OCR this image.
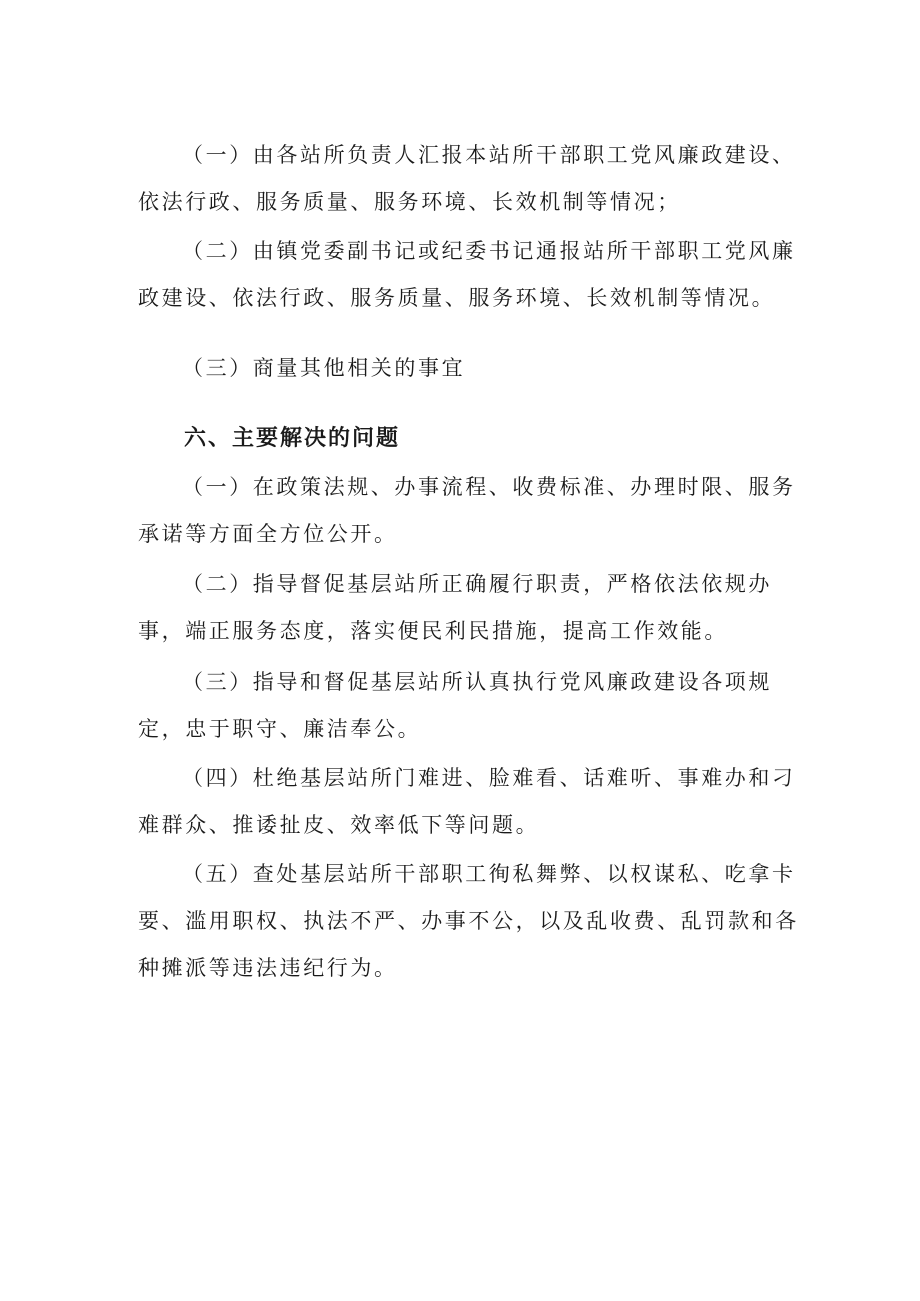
（一）由各站所负责人汇报本站所干部职工党风廉政建设、依法行政、服务质量、服务环境、长效机制等情况；

（二）由镇党委副书记或纪委书记通报站所干部职工党风廉政建设、依法行政、服务质量、服务环境、长效机制等情况。

（三）商量其他相关的事宜

六、主要解决的问题

（一）在政策法规、办事流程、收费标准、办理时限、服务承诺等方面全方位公开。

（二）指导督促基层站所正确履行职责，严格依法依规办事，端正服务态度，落实便民利民措施，提高工作效能。

（三）指导和督促基层站所认真执行党风廉政建设各项规定，忠于职守、廉洁奉公。

（四）杜绝基层站所门难进、脸难看、话难听、事难办和刁难群众、推诿扯皮、效率低下等问题。

（五）查处基层站所干部职工徇私舞弊、以权谋私、吃拿卡要、滥用职权、执法不严、办事不公，以及乱收费、乱罚款和各种摊派等违法违纪行为。
